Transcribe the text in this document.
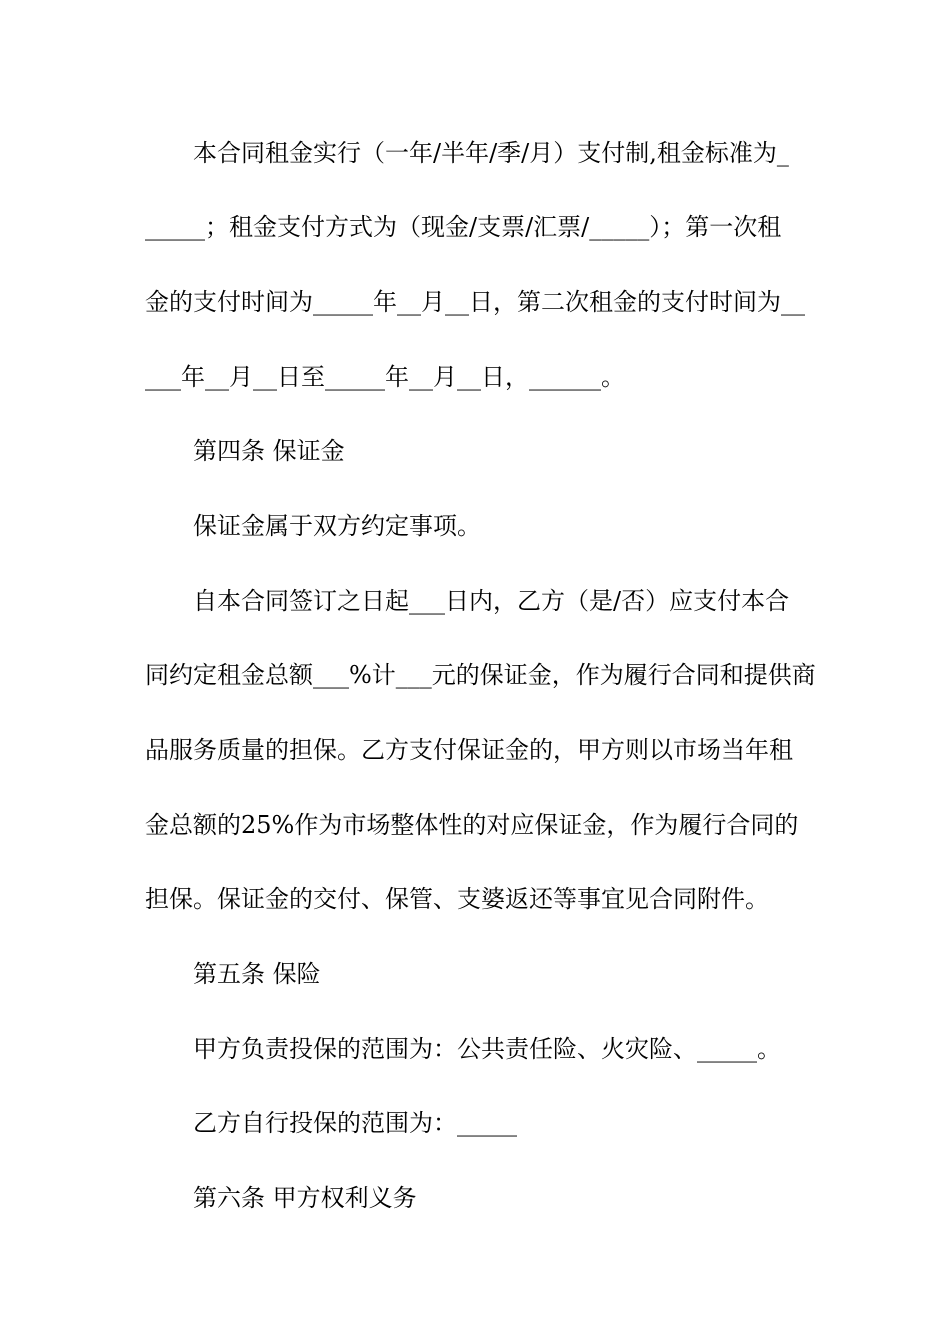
本合同租金实行（一年/半年/季/月）支付制,租金标准为_
_____；租金支付方式为（现金/支票/汇票/_____）；第一次租
金的支付时间为_____年__月__日，第二次租金的支付时间为__
___年__月__日至_____年__月__日，______。
第四条 保证金
保证金属于双方约定事项。
自本合同签订之日起___日内，乙方（是/否）应支付本合
同约定租金总额___%计___元的保证金，作为履行合同和提供商
品服务质量的担保。乙方支付保证金的，甲方则以市场当年租
金总额的25%作为市场整体性的对应保证金，作为履行合同的
担保。保证金的交付、保管、支婆返还等事宜见合同附件。
第五条 保险
甲方负责投保的范围为：公共责任险、火灾险、_____。
乙方自行投保的范围为：_____
第六条 甲方权利义务
